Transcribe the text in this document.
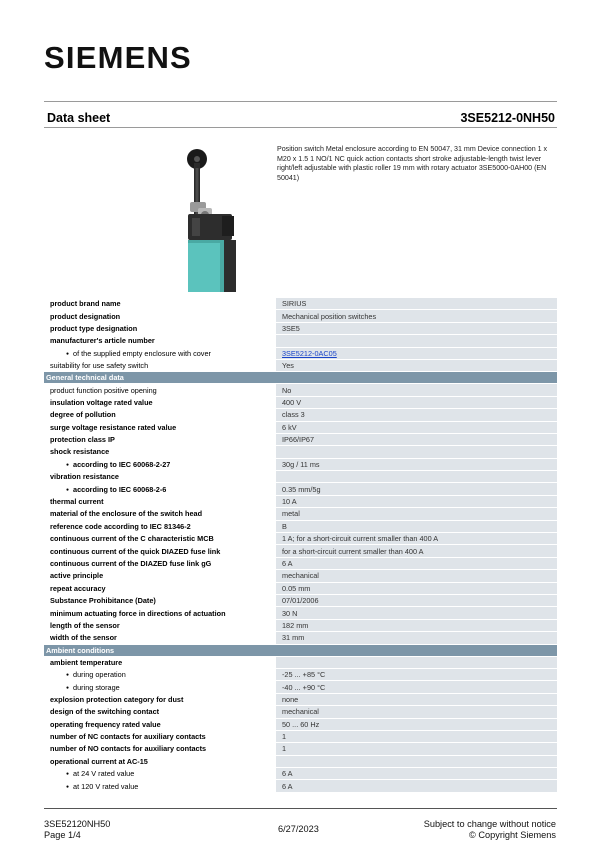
SIEMENS
Data sheet	3SE5212-0NH50
Position switch Metal enclosure according to EN 50047, 31 mm Device connection 1 x M20 x 1.5 1 NO/1 NC quick action contacts short stroke adjustable-length twist lever right/left adjustable with plastic roller 19 mm with rotary actuator 3SE5000-0AH00 (EN 50041)
product brand name	SIRIUS
product designation	Mechanical position switches
product type designation	3SE5
manufacturer's article number	
● of the supplied empty enclosure with cover	3SE5212-0AC05
suitability for use safety switch	Yes
General technical data	
product function positive opening	No
insulation voltage rated value	400 V
degree of pollution	class 3
surge voltage resistance rated value	6 kV
protection class IP	IP66/IP67
shock resistance	
● according to IEC 60068-2-27	30g / 11 ms
vibration resistance	
● according to IEC 60068-2-6	0.35 mm/5g
thermal current	10 A
material of the enclosure of the switch head	metal
reference code according to IEC 81346-2	B
continuous current of the C characteristic MCB	1 A; for a short-circuit current smaller than 400 A
continuous current of the quick DIAZED fuse link	for a short-circuit current smaller than 400 A
continuous current of the DIAZED fuse link gG	6 A
active principle	mechanical
repeat accuracy	0.05 mm
Substance Prohibitance (Date)	07/01/2006
minimum actuating force in directions of actuation	30 N
length of the sensor	182 mm
width of the sensor	31 mm
Ambient conditions	
ambient temperature	
● during operation	-25 ... +85 °C
● during storage	-40 ... +90 °C
explosion protection category for dust	none
design of the switching contact	mechanical
operating frequency rated value	50 ... 60 Hz
number of NC contacts for auxiliary contacts	1
number of NO contacts for auxiliary contacts	1
operational current at AC-15	
● at 24 V rated value	6 A
● at 120 V rated value	6 A
3SE52120NH50
Page 1/4
6/27/2023	Subject to change without notice
© Copyright Siemens
